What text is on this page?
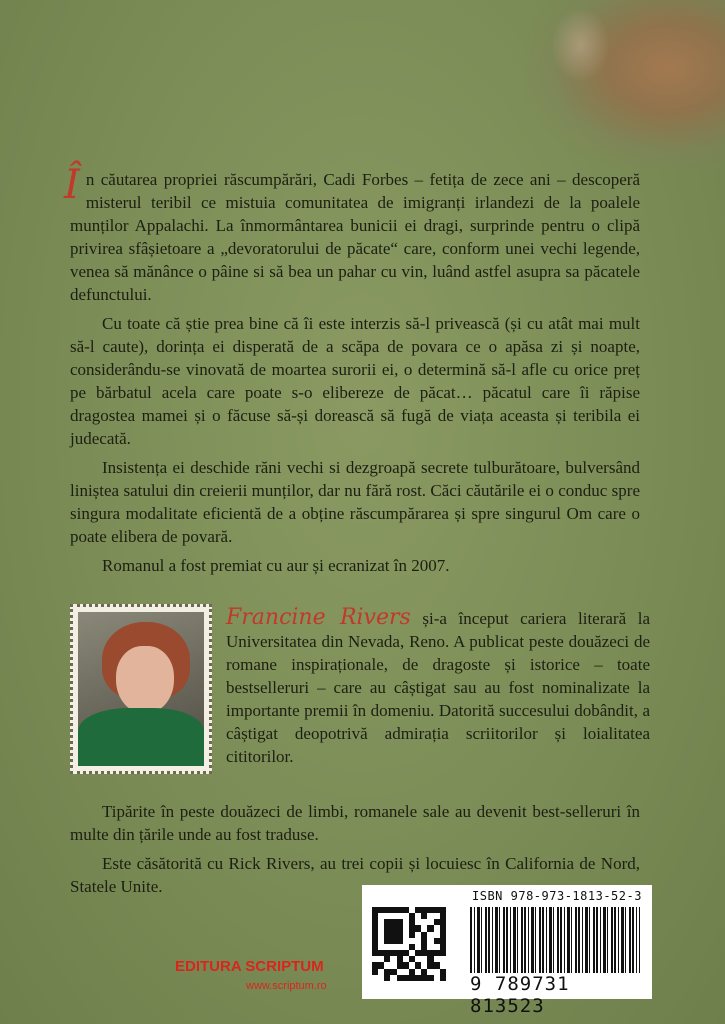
În căutarea propriei răscumpărări, Cadi Forbes – fetița de zece ani – descoperă misterul teribil ce mistuia comunitatea de imigranți irlandezi de la poalele munților Appalachi. La înmormântarea bunicii ei dragi, surprinde pentru o clipă privirea sfâșietoare a „devoratorului de păcate“ care, conform unei vechi legende, venea să mănânce o pâine si să bea un pahar cu vin, luând astfel asupra sa păcatele defunctului.

Cu toate că știe prea bine că îi este interzis să-l privească (și cu atât mai mult să-l caute), dorința ei disperată de a scăpa de povara ce o apăsa zi și noapte, considerându-se vinovată de moartea surorii ei, o determină să-l afle cu orice preț pe bărbatul acela care poate s-o elibereze de păcat… păcatul care îi răpise dragostea mamei și o făcuse să-și dorească să fugă de viața aceasta și teribila ei judecată.

Insistența ei deschide răni vechi si dezgroapă secrete tulburătoare, bulversând liniștea satului din creierii munților, dar nu fără rost. Căci căutările ei o conduc spre singura modalitate eficientă de a obține răscumpărarea și spre singurul Om care o poate elibera de povară.

Romanul a fost premiat cu aur și ecranizat în 2007.

Francine Rivers și-a început cariera literară la Universitatea din Nevada, Reno. A publicat peste douăzeci de romane inspiraționale, de dragoste și istorice – toate bestselleruri – care au câștigat sau au fost nominalizate la importante premii în domeniu. Datorită succesului dobândit, a câștigat deopotrivă admirația scriitorilor și loialitatea cititorilor.

Tipărite în peste douăzeci de limbi, romanele sale au devenit best-selleruri în multe din țările unde au fost traduse.

Este căsătorită cu Rick Rivers, au trei copii și locuiesc în California de Nord, Statele Unite.

EDITURA SCRIPTUM
www.scriptum.ro
ISBN 978-973-1813-52-3
9 789731 813523
